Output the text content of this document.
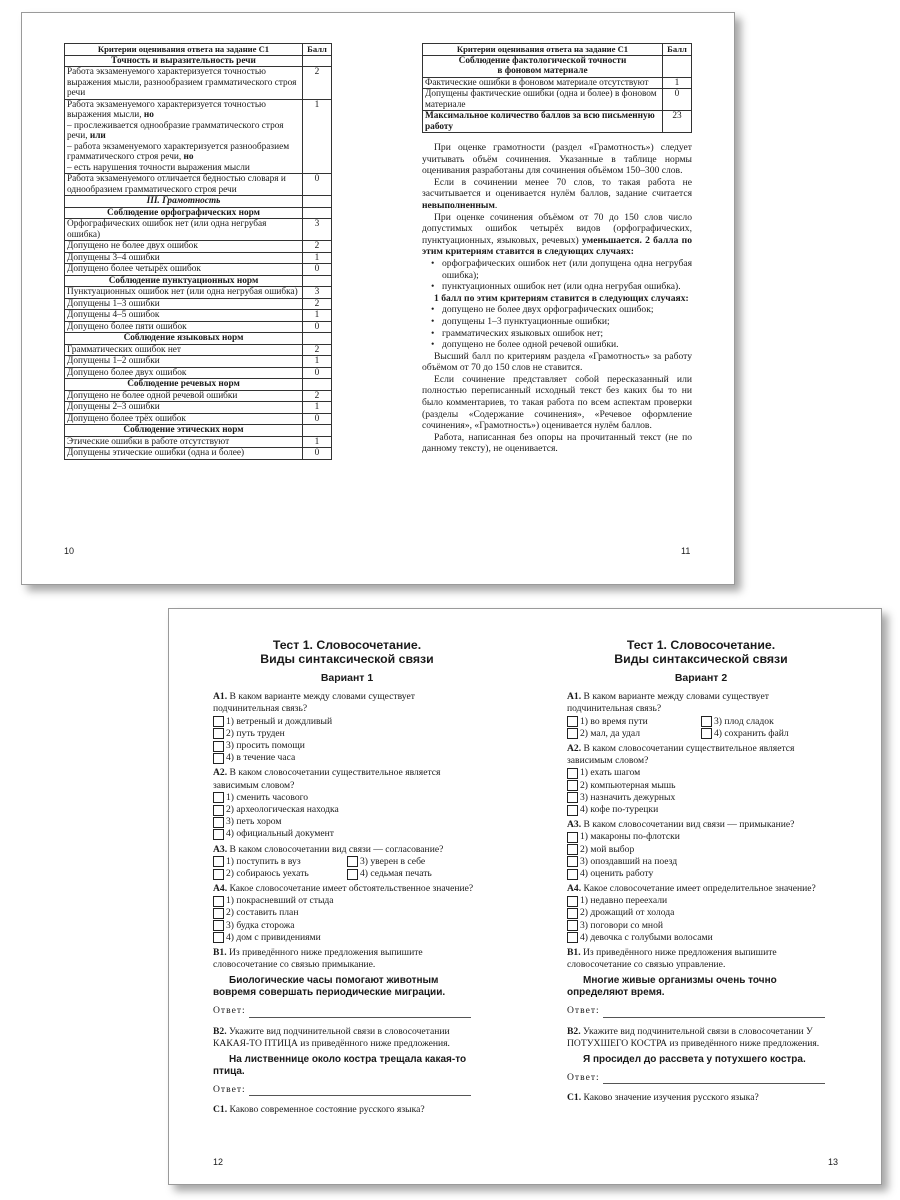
Критерии оценивания ответа на задание С1	Балл
Точность и выразительность речи	
Работа экзаменуемого характеризуется точностью выражения мысли, разнообразием грамматического строя речи	2
Работа экзаменуемого характеризуется точностью выражения мысли, но
– прослеживается однообразие грамматического строя речи, или
– работа экзаменуемого характеризуется разнообразием грамматического строя речи, но
– есть нарушения точности выражения мысли	1
Работа экзаменуемого отличается бедностью словаря и однообразием грамматического строя речи	0
III. Грамотность	
Соблюдение орфографических норм	
Орфографических ошибок нет (или одна негрубая ошибка)	3
Допущено не более двух ошибок	2
Допущены 3–4 ошибки	1
Допущено более четырёх ошибок	0
Соблюдение пунктуационных норм	
Пунктуационных ошибок нет (или одна негрубая ошибка)	3
Допущены 1–3 ошибки	2
Допущены 4–5 ошибок	1
Допущено более пяти ошибок	0
Соблюдение языковых норм	
Грамматических ошибок нет	2
Допущены 1–2 ошибки	1
Допущено более двух ошибок	0
Соблюдение речевых норм	
Допущено не более одной речевой ошибки	2
Допущены 2–3 ошибки	1
Допущено более трёх ошибок	0
Соблюдение этических норм	
Этические ошибки в работе отсутствуют	1
Допущены этические ошибки (одна и более)	0
10
Критерии оценивания ответа на задание С1	Балл
Соблюдение фактологической точности
в фоновом материале	
Фактические ошибки в фоновом материале отсутствуют	1
Допущены фактические ошибки (одна и более) в фоновом материале	0
Максимальное количество баллов за всю письменную работу	23

При оценке грамотности (раздел «Грамотность») следует учитывать объём сочинения. Указанные в таблице нормы оценивания разработаны для сочинения объёмом 150–300 слов.

Если в сочинении менее 70 слов, то такая работа не засчитывается и оценивается нулём баллов, задание считается невыполненным.

При оценке сочинения объёмом от 70 до 150 слов число допустимых ошибок четырёх видов (орфографических, пунктуационных, языковых, речевых) уменьшается. 2 балла по этим критериям ставится в следующих случаях:

• орфографических ошибок нет (или допущена одна негрубая ошибка);
• пунктуационных ошибок нет (или одна негрубая ошибка).

1 балл по этим критериям ставится в следующих случаях:

• допущено не более двух орфографических ошибок;
• допущены 1–3 пунктуационные ошибки;
• грамматических языковых ошибок нет;
• допущено не более одной речевой ошибки.

Высший балл по критериям раздела «Грамотность» за работу объёмом от 70 до 150 слов не ставится.

Если сочинение представляет собой пересказанный или полностью переписанный исходный текст без каких бы то ни было комментариев, то такая работа по всем аспектам проверки (разделы «Содержание сочинения», «Речевое оформление сочинения», «Грамотность») оценивается нулём баллов.

Работа, написанная без опоры на прочитанный текст (не по данному тексту), не оценивается.

11
Тест 1. Словосочетание.
Виды синтаксической связи
Вариант 1
А1. В каком варианте между словами существует подчинительная связь?
1) ветреный и дождливый
2) путь труден
3) просить помощи
4) в течение часа
А2. В каком словосочетании существительное является зависимым словом?
1) сменить часового
2) археологическая находка
3) петь хором
4) официальный документ
А3. В каком словосочетании вид связи — согласование?
1) поступить в вуз	3) уверен в себе
2) собираюсь уехать	4) седьмая печать
А4. Какое словосочетание имеет обстоятельственное значение?
1) покрасневший от стыда
2) составить план
3) будка сторожа
4) дом с привидениями
В1. Из приведённого ниже предложения выпишите словосочетание со связью примыкание.
Биологические часы помогают животным вовремя совершать периодические миграции.
Ответ:
В2. Укажите вид подчинительной связи в словосочетании КАКАЯ-ТО ПТИЦА из приведённого ниже предложения.
На лиственнице около костра трещала какая-то птица.
Ответ:
С1. Каково современное состояние русского языка?
12
Тест 1. Словосочетание.
Виды синтаксической связи
Вариант 2
А1. В каком варианте между словами существует подчинительная связь?
1) во время пути	3) плод сладок
2) мал, да удал	4) сохранить файл
А2. В каком словосочетании существительное является зависимым словом?
1) ехать шагом
2) компьютерная мышь
3) назначить дежурных
4) кофе по-турецки
А3. В каком словосочетании вид связи — примыкание?
1) макароны по-флотски
2) мой выбор
3) опоздавший на поезд
4) оценить работу
А4. Какое словосочетание имеет определительное значение?
1) недавно переехали
2) дрожащий от холода
3) поговори со мной
4) девочка с голубыми волосами
В1. Из приведённого ниже предложения выпишите словосочетание со связью управление.
Многие живые организмы очень точно определяют время.
Ответ:
В2. Укажите вид подчинительной связи в словосочетании У ПОТУХШЕГО КОСТРА из приведённого ниже предложения.
Я просидел до рассвета у потухшего костра.
Ответ:
С1. Каково значение изучения русского языка?
13
